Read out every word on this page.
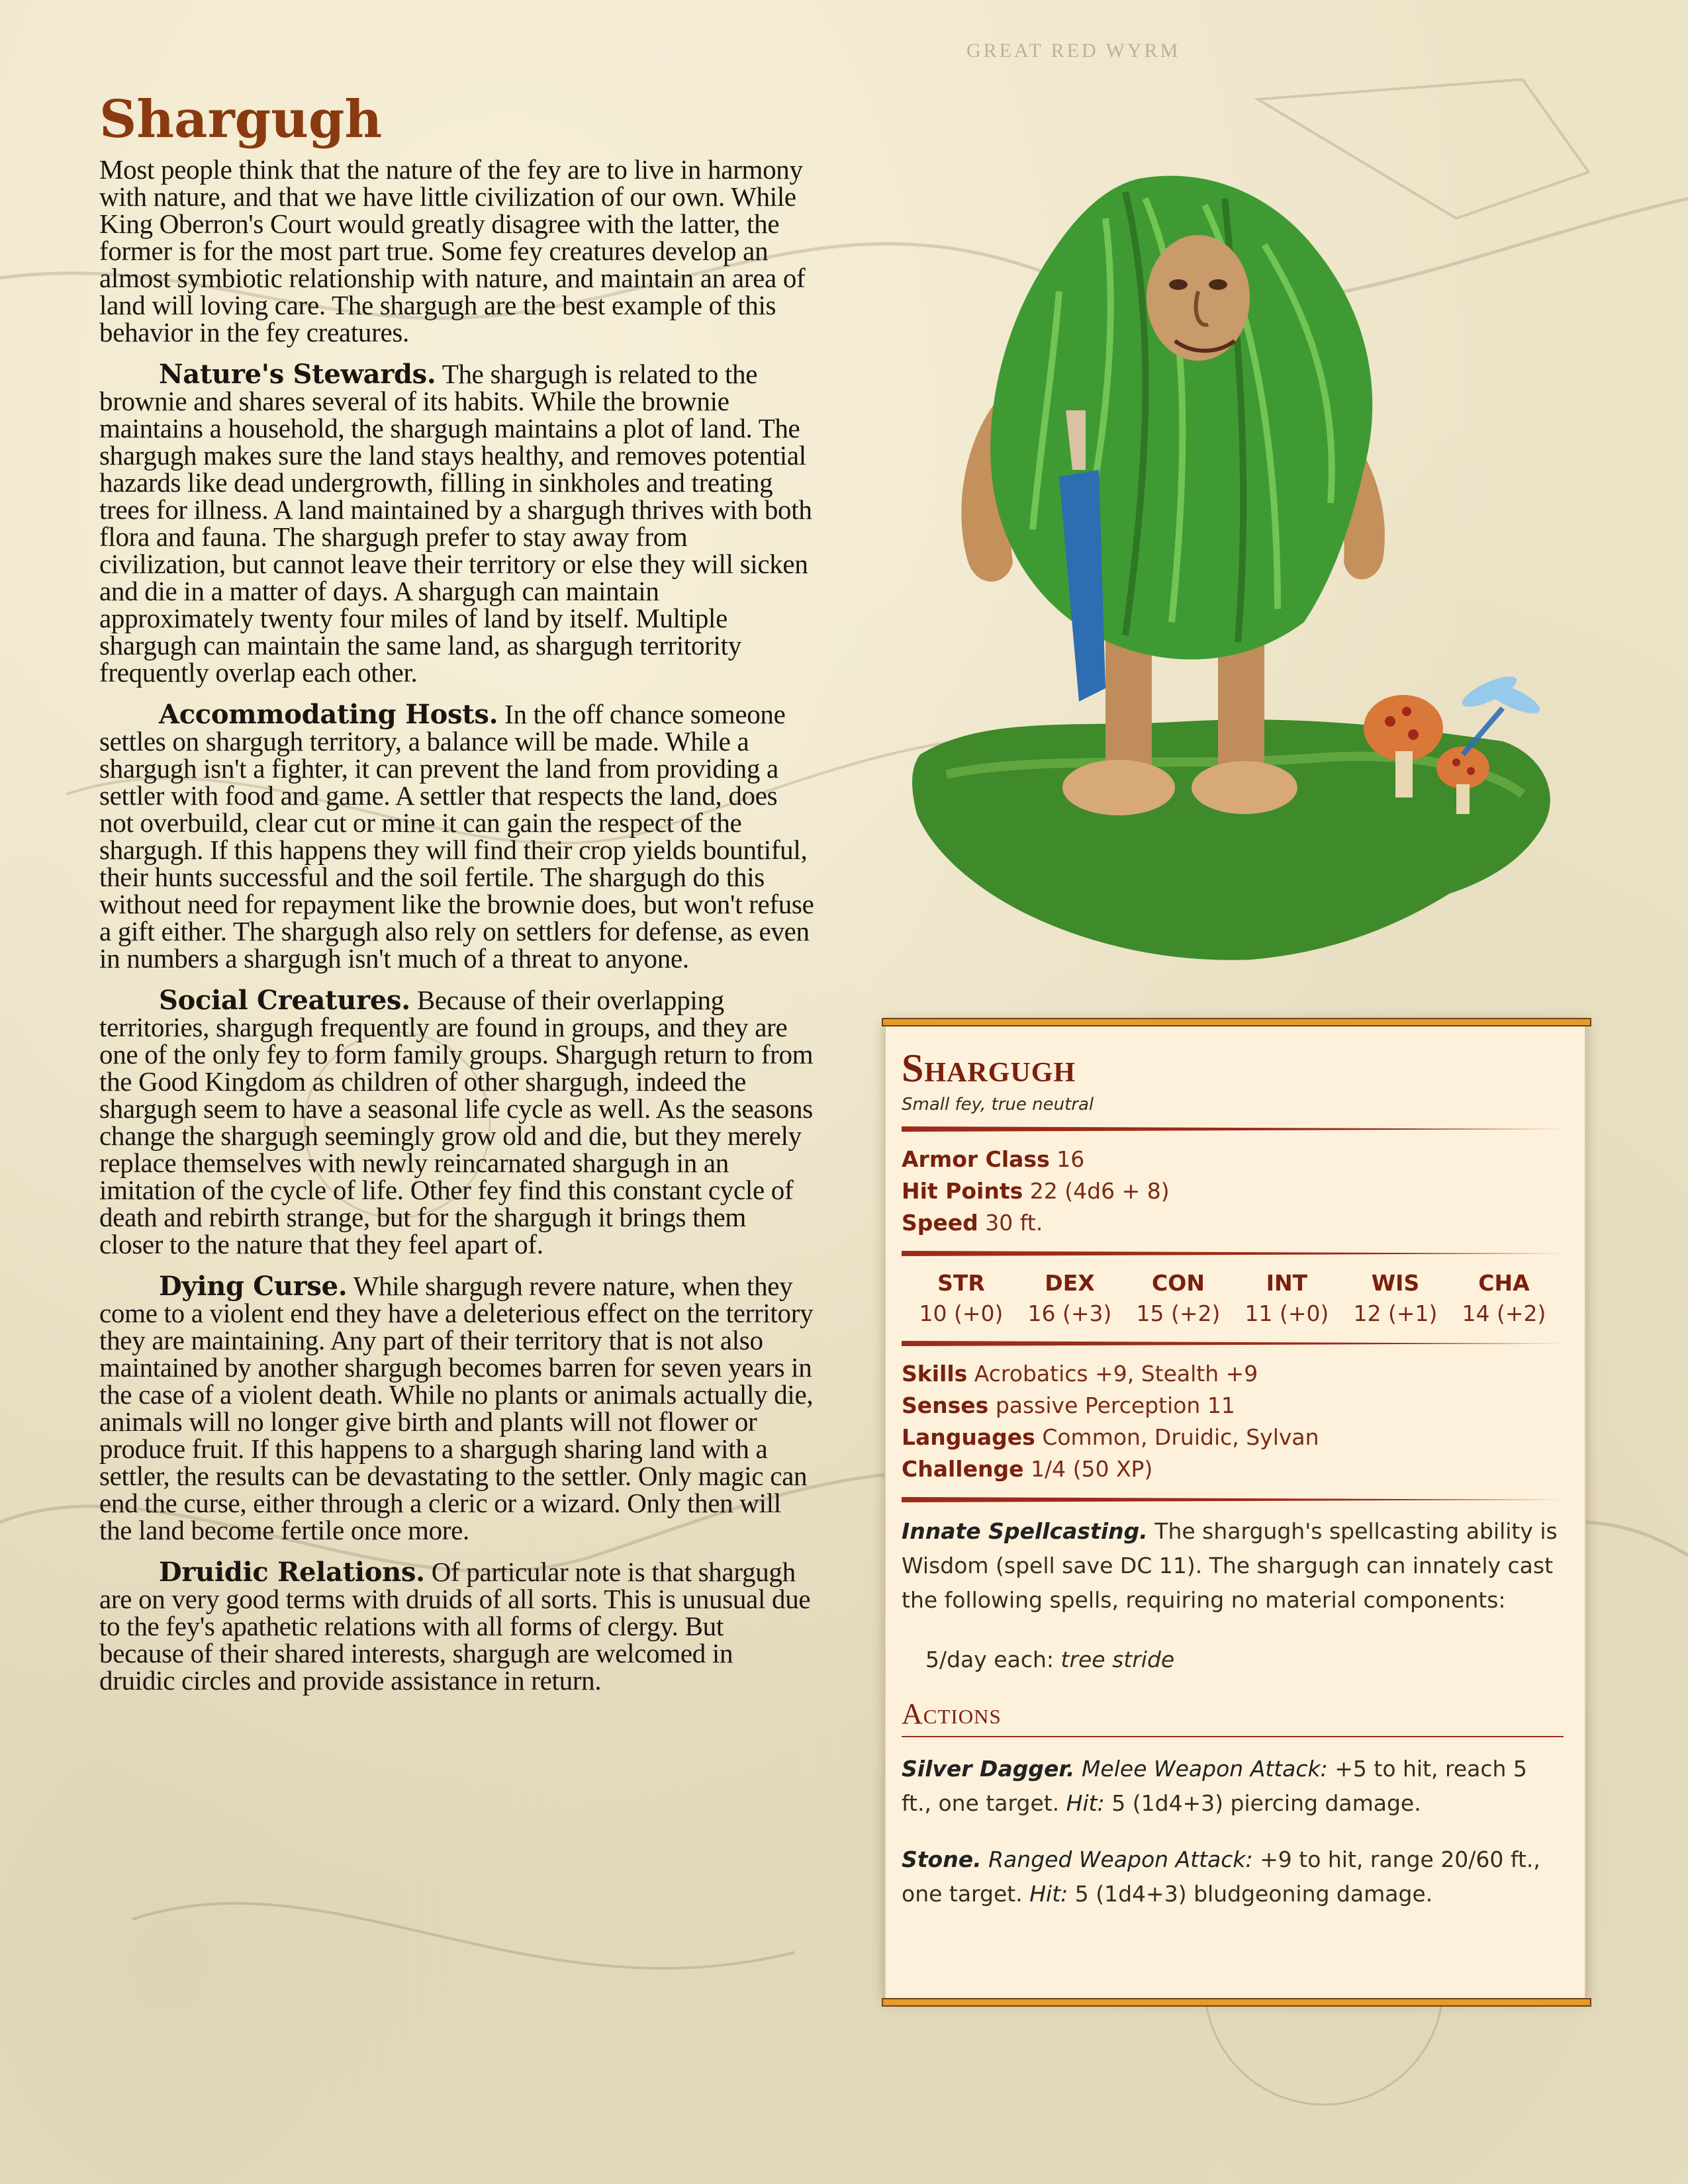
GREAT RED WYRM
Shargugh

Most people think that the nature of the fey are to live in harmony with nature, and that we have little civilization of our own. While King Oberron's Court would greatly disagree with the latter, the former is for the most part true. Some fey creatures develop an almost symbiotic relationship with nature, and maintain an area of land will loving care. The shargugh are the best example of this behavior in the fey creatures.

Nature's Stewards. The shargugh is related to the brownie and shares several of its habits. While the brownie maintains a household, the shargugh maintains a plot of land. The shargugh makes sure the land stays healthy, and removes potential hazards like dead undergrowth, filling in sinkholes and treating trees for illness. A land maintained by a shargugh thrives with both flora and fauna. The shargugh prefer to stay away from civilization, but cannot leave their territory or else they will sicken and die in a matter of days. A shargugh can maintain approximately twenty four miles of land by itself. Multiple shargugh can maintain the same land, as shargugh territority frequently overlap each other.

Accommodating Hosts. In the off chance someone settles on shargugh territory, a balance will be made. While a shargugh isn't a fighter, it can prevent the land from providing a settler with food and game. A settler that respects the land, does not overbuild, clear cut or mine it can gain the respect of the shargugh. If this happens they will find their crop yields bountiful, their hunts successful and the soil fertile. The shargugh do this without need for repayment like the brownie does, but won't refuse a gift either. The shargugh also rely on settlers for defense, as even in numbers a shargugh isn't much of a threat to anyone.

Social Creatures. Because of their overlapping territories, shargugh frequently are found in groups, and they are one of the only fey to form family groups. Shargugh return to from the Good Kingdom as children of other shargugh, indeed the shargugh seem to have a seasonal life cycle as well. As the seasons change the shargugh seemingly grow old and die, but they merely replace themselves with newly reincarnated shargugh in an imitation of the cycle of life. Other fey find this constant cycle of death and rebirth strange, but for the shargugh it brings them closer to the nature that they feel apart of.

Dying Curse. While shargugh revere nature, when they come to a violent end they have a deleterious effect on the territory they are maintaining. Any part of their territory that is not also maintained by another shargugh becomes barren for seven years in the case of a violent death. While no plants or animals actually die, animals will no longer give birth and plants will not flower or produce fruit. If this happens to a shargugh sharing land with a settler, the results can be devastating to the settler. Only magic can end the curse, either through a cleric or a wizard. Only then will the land become fertile once more.

Druidic Relations. Of particular note is that shargugh are on very good terms with druids of all sorts. This is unusual due to the fey's apathetic relations with all forms of clergy. But because of their shared interests, shargugh are welcomed in druidic circles and provide assistance in return.

Shargugh

Small fey, true neutral

Armor Class 16
Hit Points 22 (4d6 + 8)
Speed 30 ft.
STR
10 (+0)
DEX
16 (+3)
CON
15 (+2)
INT
11 (+0)
WIS
12 (+1)
CHA
14 (+2)
Skills Acrobatics +9, Stealth +9
Senses passive Perception 11
Languages Common, Druidic, Sylvan
Challenge 1/4 (50 XP)

Innate Spellcasting. The shargugh's spellcasting ability is Wisdom (spell save DC 11). The shargugh can innately cast the following spells, requiring no material components:

5/day each: tree stride
Actions

Silver Dagger. Melee Weapon Attack: +5 to hit, reach 5 ft., one target. Hit: 5 (1d4+3) piercing damage.

Stone. Ranged Weapon Attack: +9 to hit, range 20/60 ft., one target. Hit: 5 (1d4+3) bludgeoning damage.
